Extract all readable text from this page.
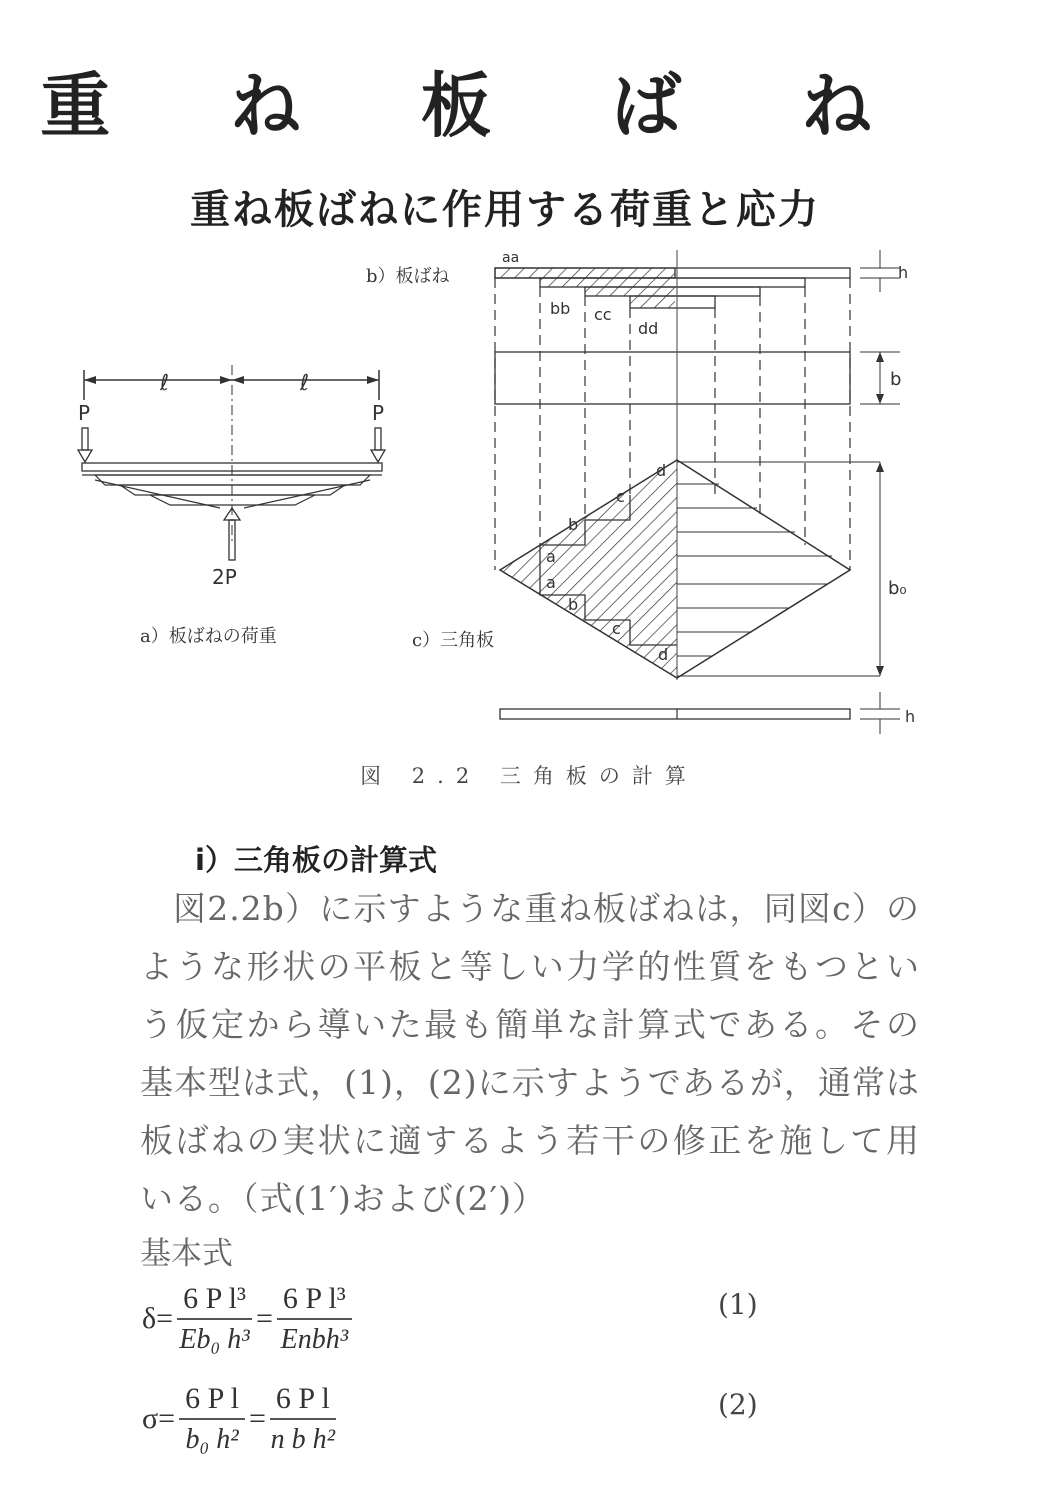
重 ね 板 ば ね
重ね板ばねに作用する荷重と応力
ℓ	ℓ
P	P
2P
aa
bb cc
dd
h
b
b₀
d
c
b
a
a
b
c
d
h
b）板ばね
a）板ばねの荷重	c）三角板
図 2.2 三角板の計算
i）三角板の計算式

図2.2b）に示すような重ね板ばねは，同図c）のような形状の平板と等しい力学的性質をもつという仮定から導いた最も簡単な計算式である。その基本型は式，(1)，(2)に示すようであるが，通常は板ばねの実状に適するよう若干の修正を施して用いる。（式(1′)および(2′)）

基本式
$\delta= \frac{\text{6 P l³}}{\text{Eb₀ h³}} = \frac{\text{6 P l³}}{\text{Enbh³}}$	(1)
$\sigma= \frac{\text{6 P l}}{\text{b₀ h²}} = \frac{\text{6 P l}}{\text{n b h²}}$	(2)
